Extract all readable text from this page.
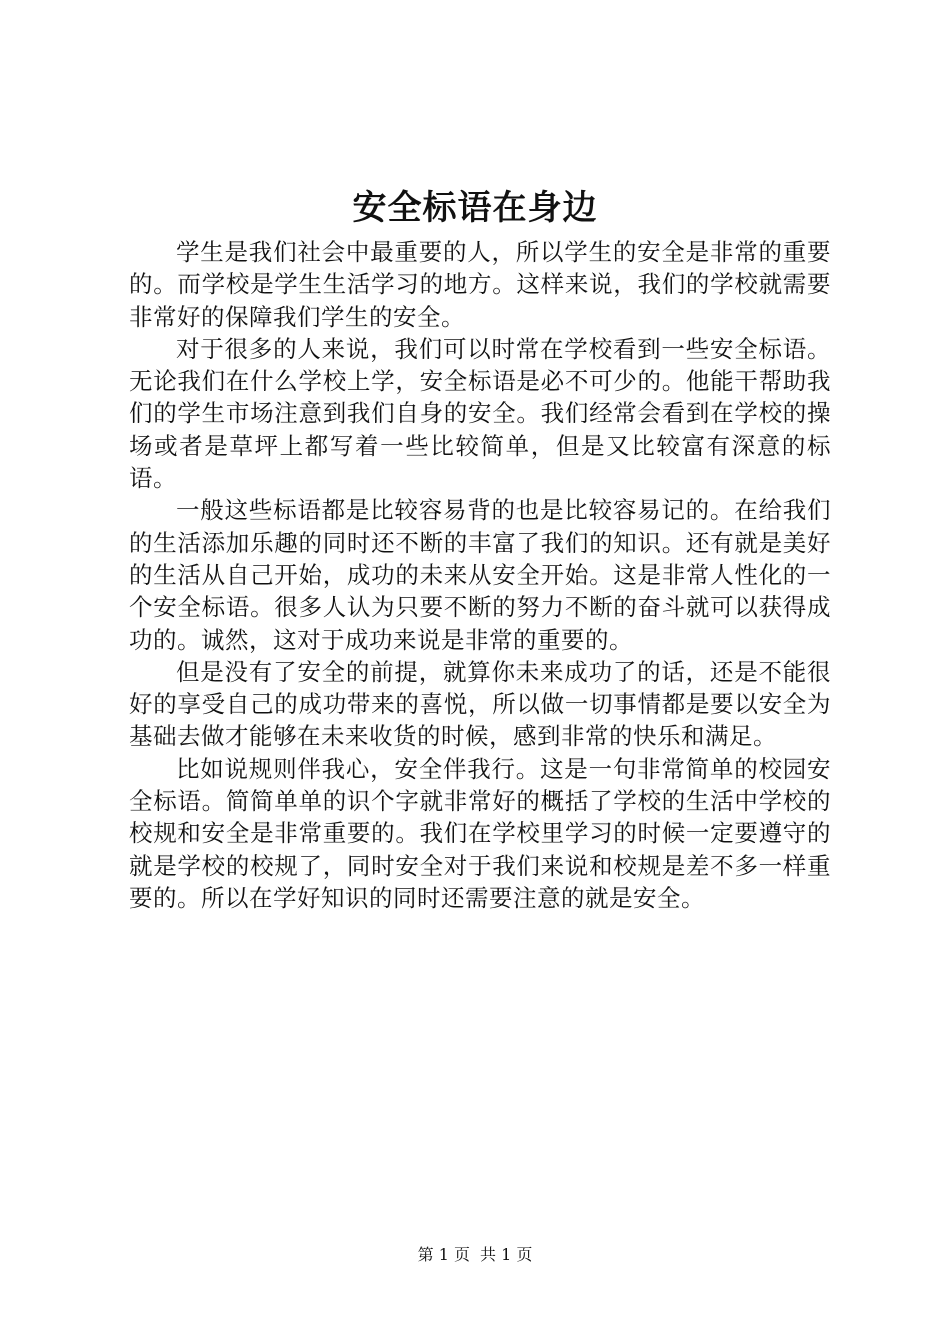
安全标语在身边

学生是我们社会中最重要的人，所以学生的安全是非常的重要的。而学校是学生生活学习的地方。这样来说，我们的学校就需要非常好的保障我们学生的安全。

对于很多的人来说，我们可以时常在学校看到一些安全标语。无论我们在什么学校上学，安全标语是必不可少的。他能干帮助我们的学生市场注意到我们自身的安全。我们经常会看到在学校的操场或者是草坪上都写着一些比较简单，但是又比较富有深意的标语。

一般这些标语都是比较容易背的也是比较容易记的。在给我们的生活添加乐趣的同时还不断的丰富了我们的知识。还有就是美好的生活从自己开始，成功的未来从安全开始。这是非常人性化的一个安全标语。很多人认为只要不断的努力不断的奋斗就可以获得成功的。诚然，这对于成功来说是非常的重要的。

但是没有了安全的前提，就算你未来成功了的话，还是不能很好的享受自己的成功带来的喜悦，所以做一切事情都是要以安全为基础去做才能够在未来收货的时候，感到非常的快乐和满足。

比如说规则伴我心，安全伴我行。这是一句非常简单的校园安全标语。简简单单的识个字就非常好的概括了学校的生活中学校的校规和安全是非常重要的。我们在学校里学习的时候一定要遵守的就是学校的校规了，同时安全对于我们来说和校规是差不多一样重要的。所以在学好知识的同时还需要注意的就是安全。

第 1 页 共 1 页
